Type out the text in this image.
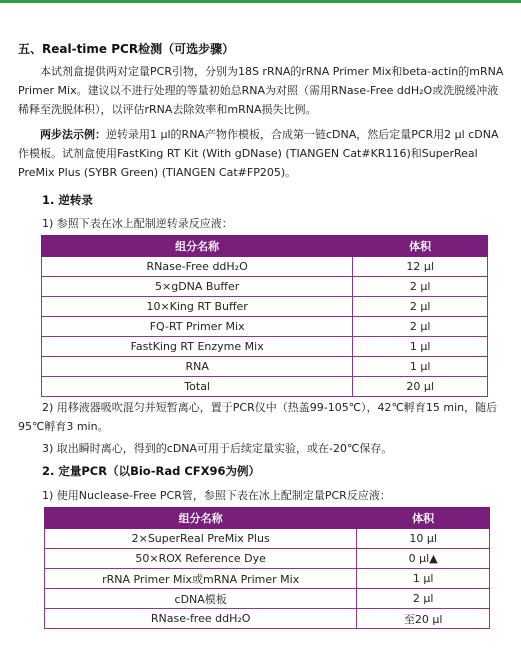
五、Real-time PCR检测（可选步骤）
本试剂盒提供两对定量PCR引物，分别为18S rRNA的rRNA Primer Mix和beta-actin的mRNA Primer Mix。建议以不进行处理的等量初始总RNA为对照（需用RNase-Free ddH₂O或洗脱缓冲液稀释至洗脱体积），以评估rRNA去除效率和mRNA损失比例。
两步法示例：逆转录用1 μl的RNA产物作模板，合成第一链cDNA，然后定量PCR用2 μl cDNA作模板。试剂盒使用FastKing RT Kit (With gDNase) (TIANGEN Cat#KR116)和SuperReal PreMix Plus (SYBR Green) (TIANGEN Cat#FP205)。
1. 逆转录
1) 参照下表在冰上配制逆转录反应液：
组分名称	体积
RNase-Free ddH₂O	12 μl
5×gDNA Buffer	2 μl
10×King RT Buffer	2 μl
FQ-RT Primer Mix	2 μl
FastKing RT Enzyme Mix	1 μl
RNA	1 μl
Total	20 μl
2) 用移液器吸吹混匀并短暂离心，置于PCR仪中（热盖99-105℃），42℃孵育15 min，随后95℃孵育3 min。
3) 取出瞬时离心，得到的cDNA可用于后续定量实验，或在-20℃保存。
2. 定量PCR（以Bio-Rad CFX96为例）
1) 使用Nuclease-Free PCR管，参照下表在冰上配制定量PCR反应液：
组分名称	体积
2×SuperReal PreMix Plus	10 μl
50×ROX Reference Dye	0 μl▲
rRNA Primer Mix或mRNA Primer Mix	1 μl
cDNA模板	2 μl
RNase-free ddH₂O	至20 μl
